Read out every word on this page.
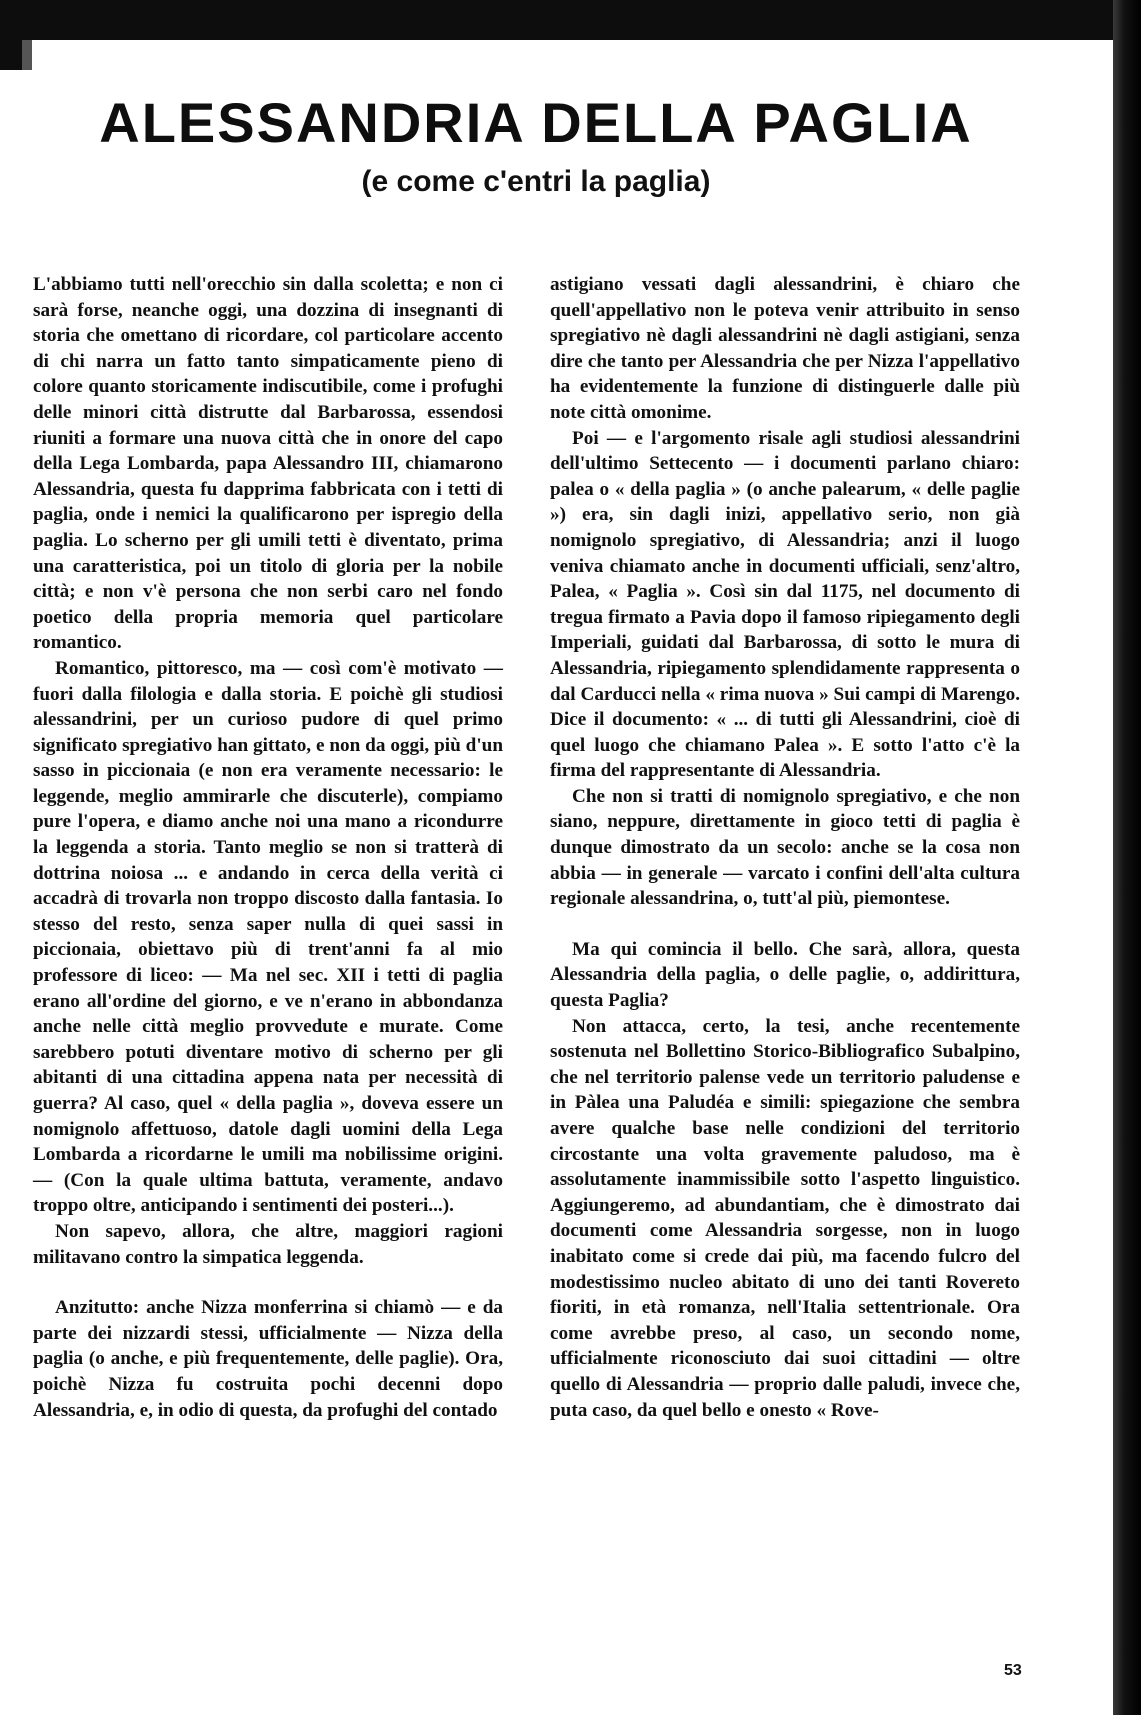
ALESSANDRIA DELLA PAGLIA
(e come c'entri la paglia)

L'abbiamo tutti nell'orecchio sin dalla scoletta; e non ci sarà forse, neanche oggi, una dozzina di insegnanti di storia che omettano di ricordare, col particolare accento di chi narra un fatto tanto simpaticamente pieno di colore quanto storicamente indiscutibile, come i profughi delle minori città distrutte dal Barbarossa, essendosi riuniti a formare una nuova città che in onore del capo della Lega Lombarda, papa Alessandro III, chiamarono Alessandria, questa fu dapprima fabbricata con i tetti di paglia, onde i nemici la qualificarono per ispregio della paglia. Lo scherno per gli umili tetti è diventato, prima una caratteristica, poi un titolo di gloria per la nobile città; e non v'è persona che non serbi caro nel fondo poetico della propria memoria quel particolare romantico.

Romantico, pittoresco, ma — così com'è motivato — fuori dalla filologia e dalla storia. E poichè gli studiosi alessandrini, per un curioso pudore di quel primo significato spregiativo han gittato, e non da oggi, più d'un sasso in piccionaia (e non era veramente necessario: le leggende, meglio ammirarle che discuterle), compiamo pure l'opera, e diamo anche noi una mano a ricondurre la leggenda a storia. Tanto meglio se non si tratterà di dottrina noiosa ... e andando in cerca della verità ci accadrà di trovarla non troppo discosto dalla fantasia. Io stesso del resto, senza saper nulla di quei sassi in piccionaia, obiettavo più di trent'anni fa al mio professore di liceo: — Ma nel sec. XII i tetti di paglia erano all'ordine del giorno, e ve n'erano in abbondanza anche nelle città meglio provvedute e murate. Come sarebbero potuti diventare motivo di scherno per gli abitanti di una cittadina appena nata per necessità di guerra? Al caso, quel « della paglia », doveva essere un nomignolo affettuoso, datole dagli uomini della Lega Lombarda a ricordarne le umili ma nobilissime origini. — (Con la quale ultima battuta, veramente, andavo troppo oltre, anticipando i sentimenti dei posteri...).

Non sapevo, allora, che altre, maggiori ragioni militavano contro la simpatica leggenda.

Anzitutto: anche Nizza monferrina si chiamò — e da parte dei nizzardi stessi, ufficialmente — Nizza della paglia (o anche, e più frequentemente, delle paglie). Ora, poichè Nizza fu costruita pochi decenni dopo Alessandria, e, in odio di questa, da profughi del contado

astigiano vessati dagli alessandrini, è chiaro che quell'appellativo non le poteva venir attribuito in senso spregiativo nè dagli alessandrini nè dagli astigiani, senza dire che tanto per Alessandria che per Nizza l'appellativo ha evidentemente la funzione di distinguerle dalle più note città omonime.

Poi — e l'argomento risale agli studiosi alessandrini dell'ultimo Settecento — i documenti parlano chiaro: palea o « della paglia » (o anche palearum, « delle paglie ») era, sin dagli inizi, appellativo serio, non già nomignolo spregiativo, di Alessandria; anzi il luogo veniva chiamato anche in documenti ufficiali, senz'altro, Palea, « Paglia ». Così sin dal 1175, nel documento di tregua firmato a Pavia dopo il famoso ripiegamento degli Imperiali, guidati dal Barbarossa, di sotto le mura di Alessandria, ripiegamento splendidamente rappresenta o dal Carducci nella « rima nuova » Sui campi di Marengo. Dice il documento: « ... di tutti gli Alessandrini, cioè di quel luogo che chiamano Palea ». E sotto l'atto c'è la firma del rappresentante di Alessandria.

Che non si tratti di nomignolo spregiativo, e che non siano, neppure, direttamente in gioco tetti di paglia è dunque dimostrato da un secolo: anche se la cosa non abbia — in generale — varcato i confini dell'alta cultura regionale alessandrina, o, tutt'al più, piemontese.

Ma qui comincia il bello. Che sarà, allora, questa Alessandria della paglia, o delle paglie, o, addirittura, questa Paglia?

Non attacca, certo, la tesi, anche recentemente sostenuta nel Bollettino Storico-Bibliografico Subalpino, che nel territorio palense vede un territorio paludense e in Pàlea una Paludéa e simili: spiegazione che sembra avere qualche base nelle condizioni del territorio circostante una volta gravemente paludoso, ma è assolutamente inammissibile sotto l'aspetto linguistico. Aggiungeremo, ad abundantiam, che è dimostrato dai documenti come Alessandria sorgesse, non in luogo inabitato come si crede dai più, ma facendo fulcro del modestissimo nucleo abitato di uno dei tanti Rovereto fioriti, in età romanza, nell'Italia settentrionale. Ora come avrebbe preso, al caso, un secondo nome, ufficialmente riconosciuto dai suoi cittadini — oltre quello di Alessandria — proprio dalle paludi, invece che, puta caso, da quel bello e onesto « Rove-

53
